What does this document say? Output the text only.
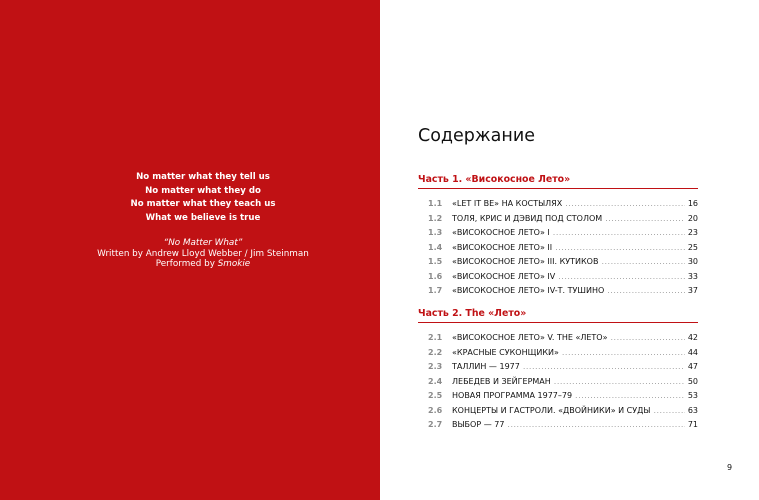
No matter what they tell us
No matter what they do
No matter what they teach us
What we believe is true
“No Matter What”
Written by Andrew Lloyd Webber / Jim Steinman
Performed by Smokie
Содержание
Часть 1. «Високосное Лето»
1.1	«LET IT BE» НА КОСТЫЛЯХ .....	16
1.2	ТОЛЯ, КРИС И ДЭВИД ПОД СТОЛОМ .....	20
1.3	«ВИСОКОСНОЕ ЛЕТО» I .....	23
1.4	«ВИСОКОСНОЕ ЛЕТО» II .....	25
1.5	«ВИСОКОСНОЕ ЛЕТО» III. КУТИКОВ .....	30
1.6	«ВИСОКОСНОЕ ЛЕТО» IV .....	33
1.7	«ВИСОКОСНОЕ ЛЕТО» IV-Т. ТУШИНО .....	37
Часть 2. The «Лето»
2.1	«ВИСОКОСНОЕ ЛЕТО» V. THE «ЛЕТО» .....	42
2.2	«КРАСНЫЕ СУКОНЩИКИ» .....	44
2.3	ТАЛЛИН — 1977 .....	47
2.4	ЛЕБЕДЕВ И ЗЕЙГЕРМАН .....	50
2.5	НОВАЯ ПРОГРАММА 1977–79 .....	53
2.6	КОНЦЕРТЫ И ГАСТРОЛИ. «ДВОЙНИКИ» И СУДЫ .....	63
2.7	ВЫБОР — 77 .....	71
9
